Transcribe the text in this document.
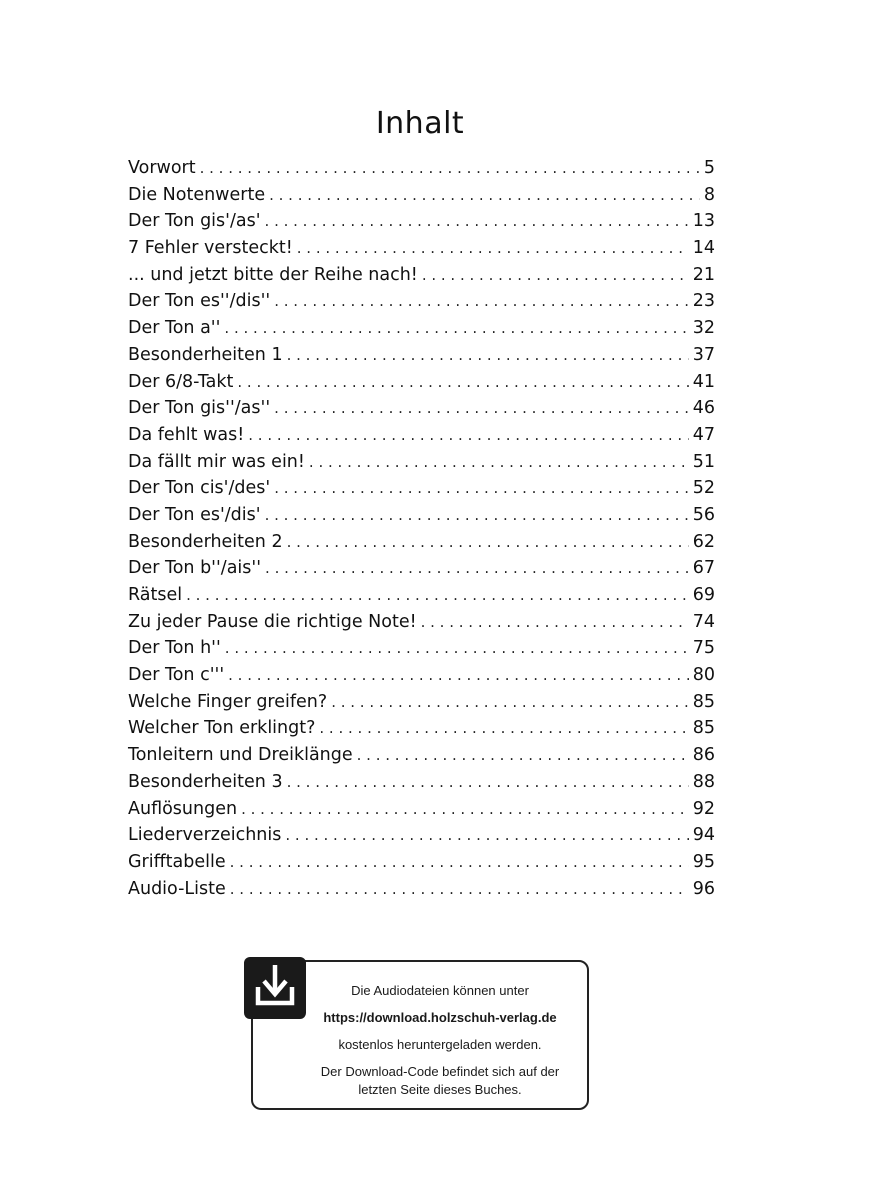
Inhalt
Vorwort . . .	5
Die Notenwerte . . .	8
Der Ton gis'/as' . . .	13
7 Fehler versteckt! . . .	14
... und jetzt bitte der Reihe nach! . . .	21
Der Ton es''/dis'' . . .	23
Der Ton a'' . . .	32
Besonderheiten 1 . . .	37
Der 6/8-Takt . . .	41
Der Ton gis''/as'' . . .	46
Da fehlt was! . . .	47
Da fällt mir was ein! . . .	51
Der Ton cis'/des' . . .	52
Der Ton es'/dis' . . .	56
Besonderheiten 2 . . .	62
Der Ton b''/ais'' . . .	67
Rätsel . . .	69
Zu jeder Pause die richtige Note! . . .	74
Der Ton h'' . . .	75
Der Ton c''' . . .	80
Welche Finger greifen? . . .	85
Welcher Ton erklingt? . . .	85
Tonleitern und Dreiklänge . . .	86
Besonderheiten 3 . . .	88
Auflösungen . . .	92
Liederverzeichnis . . .	94
Grifftabelle . . .	95
Audio-Liste . . .	96

Die Audiodateien können unter

https://download.holzschuh-verlag.de

kostenlos heruntergeladen werden.

Der Download-Code befindet sich auf der

letzten Seite dieses Buches.
